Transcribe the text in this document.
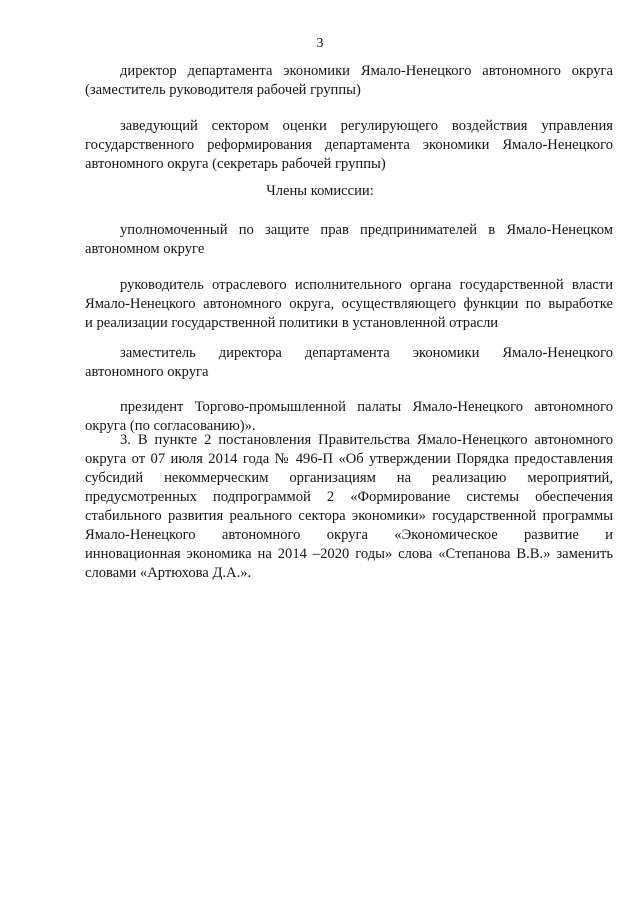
3
директор департамента экономики Ямало-Ненецкого автономного округа
(заместитель руководителя рабочей группы)
заведующий сектором оценки регулирующего воздействия управления
государственного реформирования департамента экономики Ямало-Ненецкого
автономного округа (секретарь рабочей группы)
Члены комиссии:
уполномоченный по защите прав предпринимателей в Ямало-Ненецком
автономном округе
руководитель отраслевого исполнительного органа государственной власти
Ямало-Ненецкого автономного округа, осуществляющего функции по выработке
и реализации государственной политики в установленной отрасли
заместитель директора департамента экономики Ямало-Ненецкого
автономного округа
президент Торгово-промышленной палаты Ямало-Ненецкого автономного
округа (по согласованию)».
3. В пункте 2 постановления Правительства Ямало-Ненецкого автономного
округа от 07 июля 2014 года № 496-П «Об утверждении Порядка предоставления
субсидий некоммерческим организациям на реализацию мероприятий,
предусмотренных подпрограммой 2 «Формирование системы обеспечения
стабильного развития реального сектора экономики» государственной программы
Ямало-Ненецкого автономного округа «Экономическое развитие и
инновационная экономика на 2014 –2020 годы» слова «Степанова В.В.» заменить
словами «Артюхова Д.А.».
